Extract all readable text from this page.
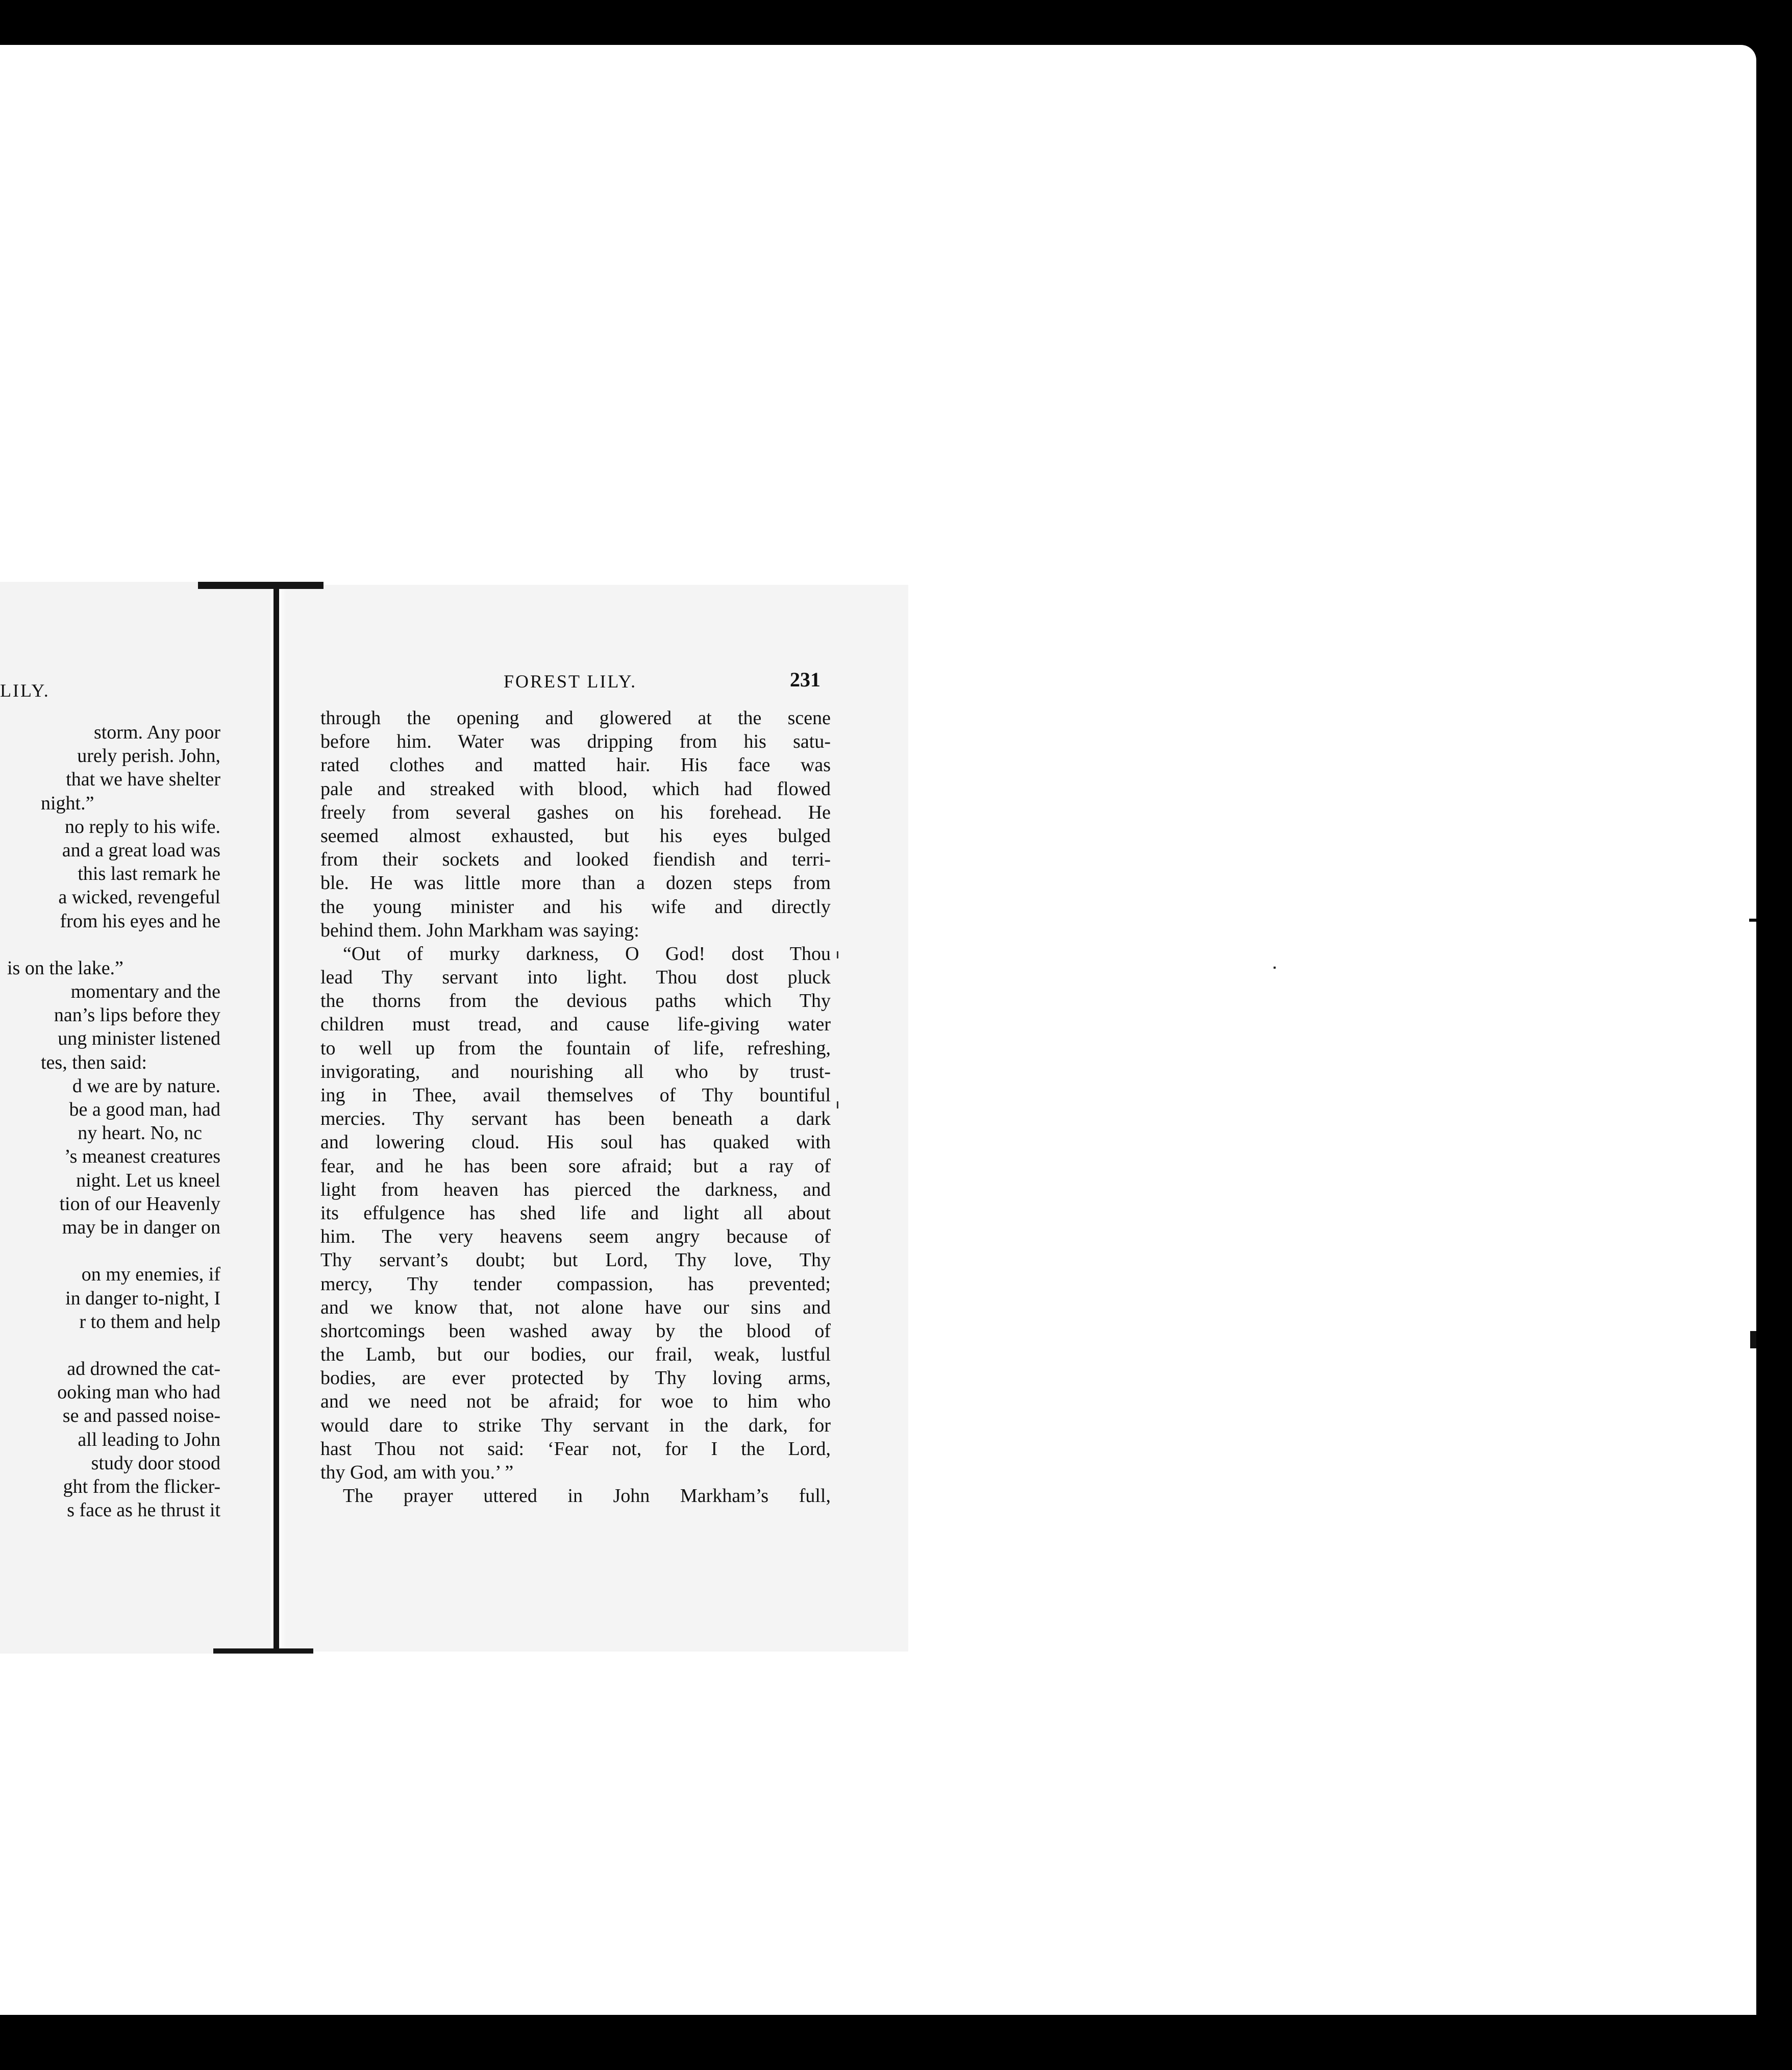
LILY.
storm. Any poor
urely perish. John,
that we have shelter
night.”
no reply to his wife.
and a great load was
this last remark he
a wicked, revengeful
from his eyes and he
is on the lake.”
momentary and the
nan’s lips before they
ung minister listened
tes, then said:
d we are by nature.
be a good man, had
ny heart. No, nc
’s meanest creatures
night. Let us kneel
tion of our Heavenly
may be in danger on
on my enemies, if
in danger to-night, I
r to them and help
ad drowned the cat-
ooking man who had
se and passed noise-
all leading to John
study door stood
ght from the flicker-
s face as he thrust it
FOREST LILY.	231
through the opening and glowered at the scene
before him. Water was dripping from his satu-
rated clothes and matted hair. His face was
pale and streaked with blood, which had flowed
freely from several gashes on his forehead. He
seemed almost exhausted, but his eyes bulged
from their sockets and looked fiendish and terri-
ble. He was little more than a dozen steps from
the young minister and his wife and directly
behind them. John Markham was saying:
“Out of murky darkness, O God! dost Thou
lead Thy servant into light. Thou dost pluck
the thorns from the devious paths which Thy
children must tread, and cause life-giving water
to well up from the fountain of life, refreshing,
invigorating, and nourishing all who by trust-
ing in Thee, avail themselves of Thy bountiful
mercies. Thy servant has been beneath a dark
and lowering cloud. His soul has quaked with
fear, and he has been sore afraid; but a ray of
light from heaven has pierced the darkness, and
its effulgence has shed life and light all about
him. The very heavens seem angry because of
Thy servant’s doubt; but Lord, Thy love, Thy
mercy, Thy tender compassion, has prevented;
and we know that, not alone have our sins and
shortcomings been washed away by the blood of
the Lamb, but our bodies, our frail, weak, lustful
bodies, are ever protected by Thy loving arms,
and we need not be afraid; for woe to him who
would dare to strike Thy servant in the dark, for
hast Thou not said: ‘Fear not, for I the Lord,
thy God, am with you.’ ”
The prayer uttered in John Markham’s full,
